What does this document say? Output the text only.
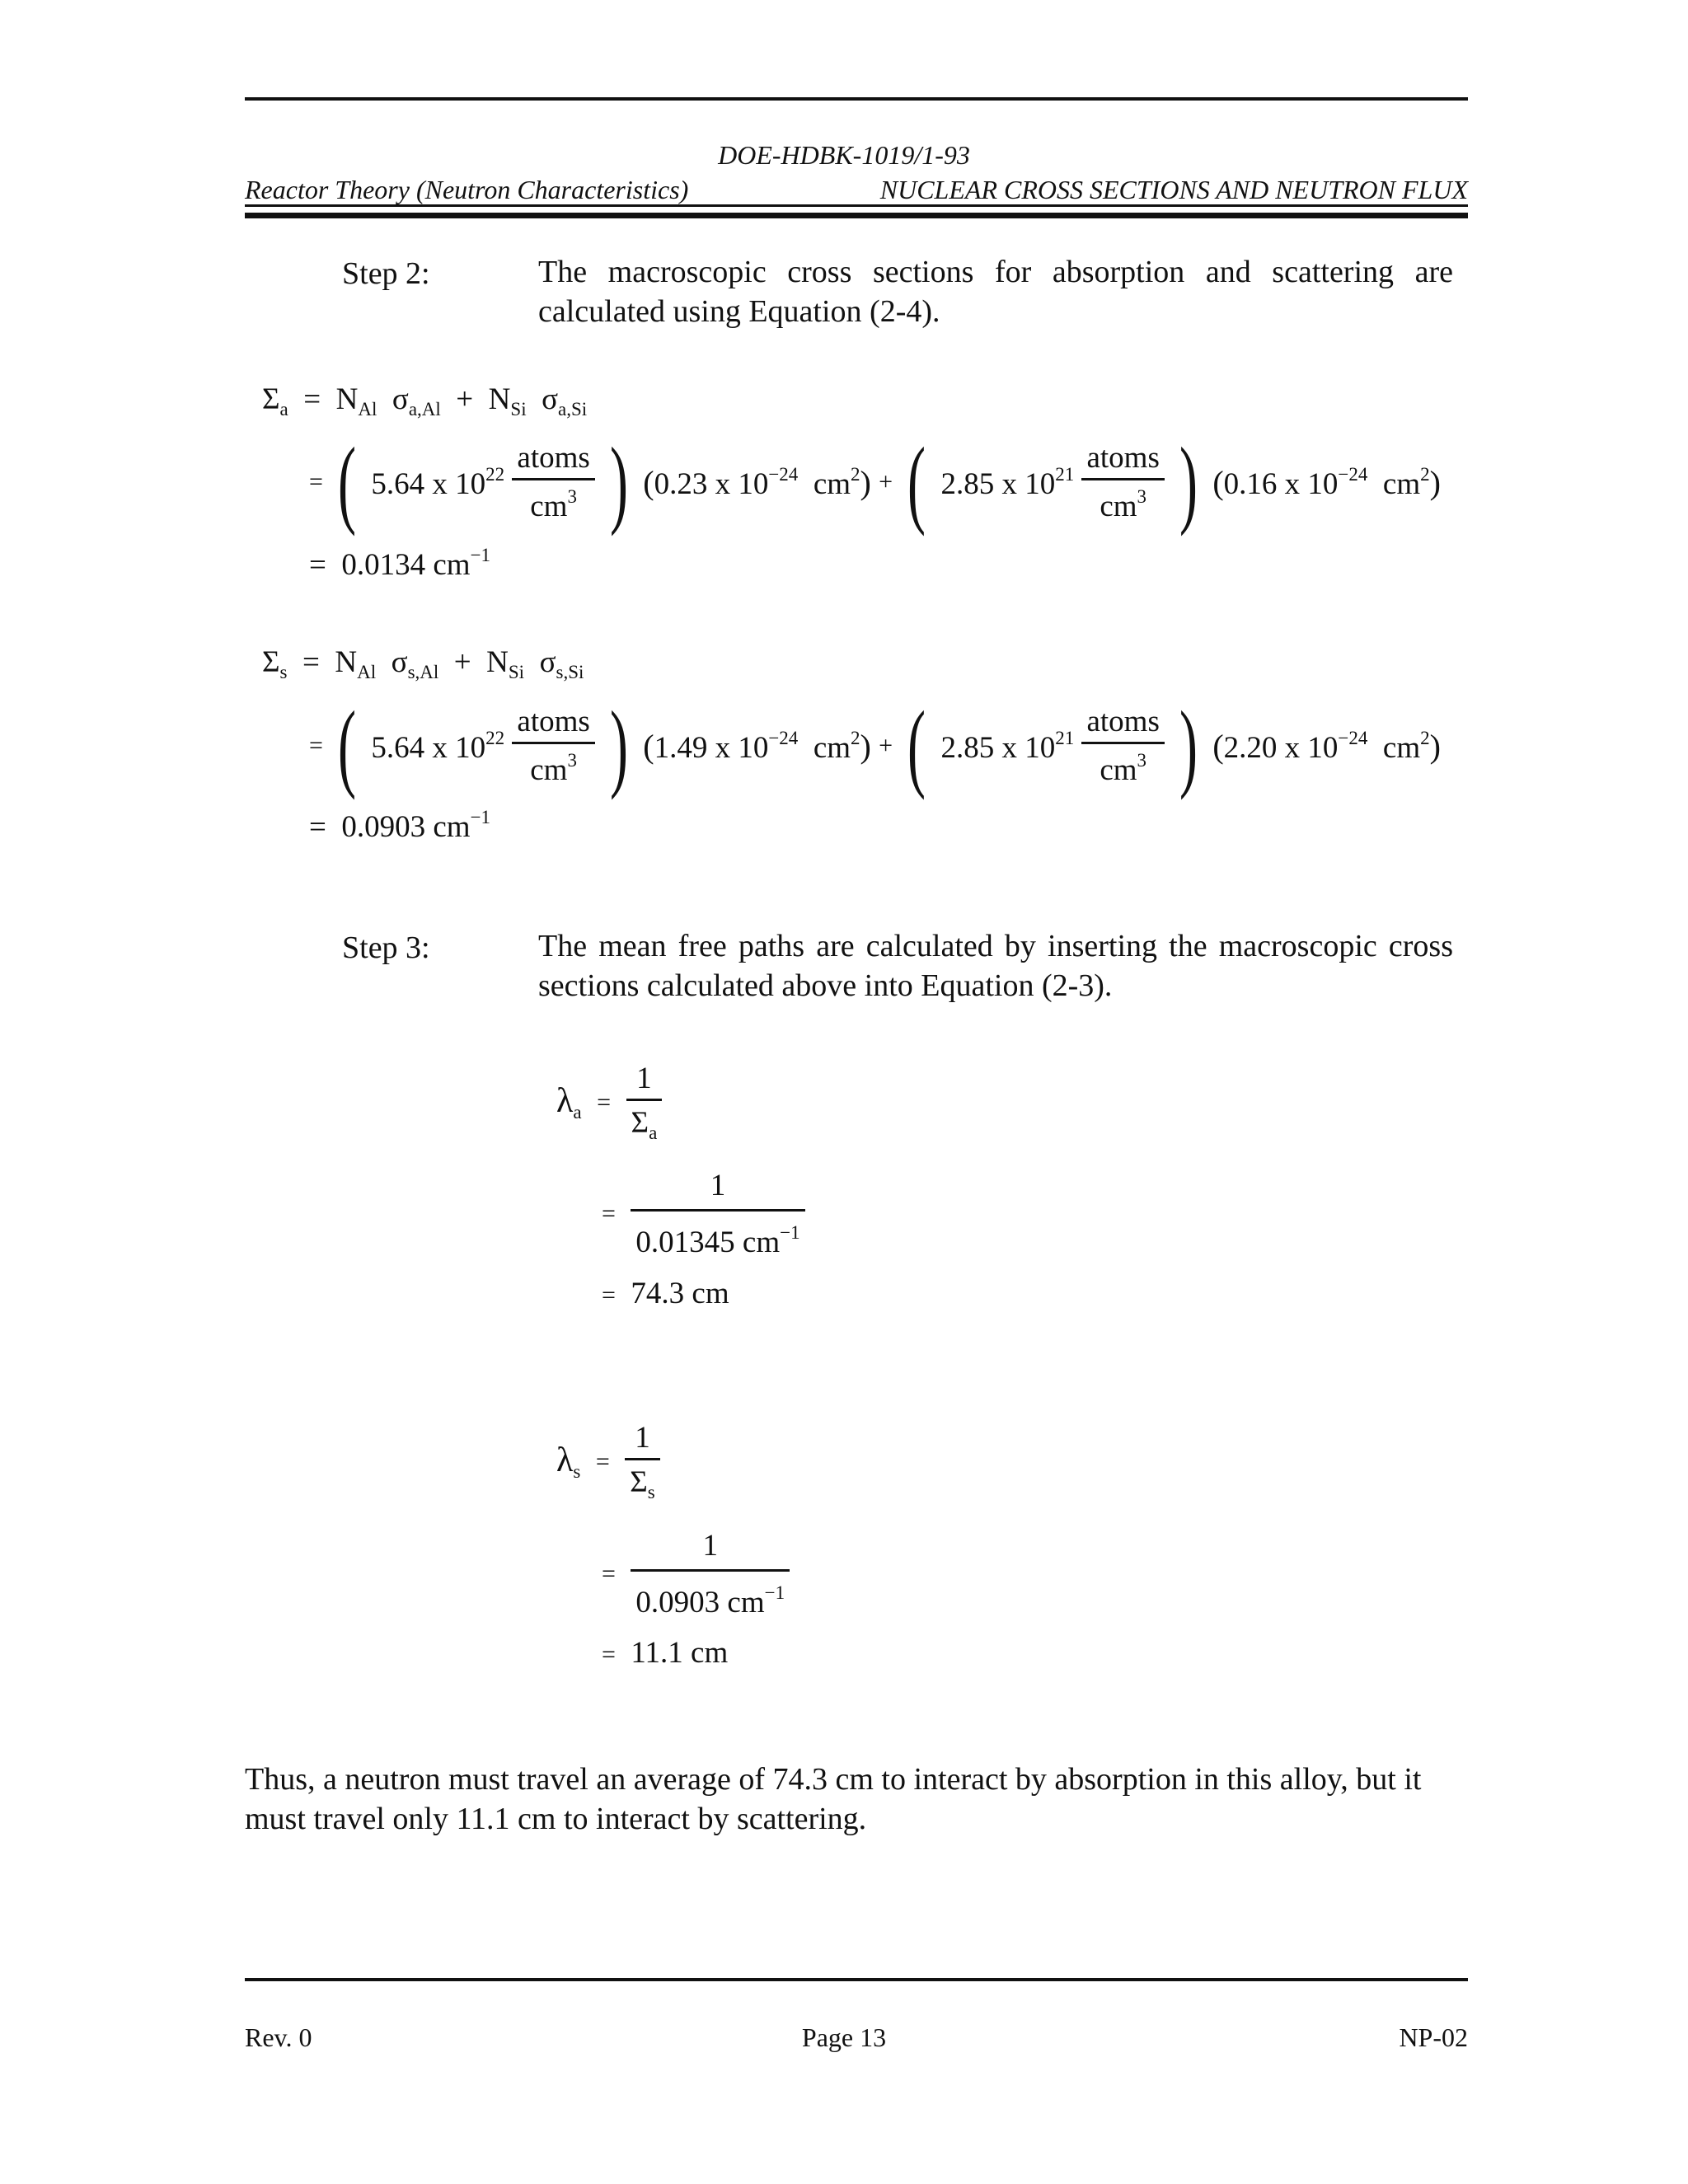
DOE-HDBK-1019/1-93
Reactor Theory (Neutron Characteristics)	NUCLEAR CROSS SECTIONS AND NEUTRON FLUX
Step 2:	The macroscopic cross sections for absorption and scattering are calculated using Equation (2-4).
$\Sigma_a = N_{Al}$ $\sigma_{a,Al} + N_{Si}$ $\sigma_{a,Si}$
= ( 5.64 x $10^{22} \frac{\text{atoms}}{cm^3}$ ) (0.23 x $10^{-24}$ $cm^2$) + ( 2.85 x $10^{21} \frac{\text{atoms}}{cm^3}$ ) (0.16 x $10^{-24}$ $cm^2$)
= 0.0134 $cm^{-1}$
$\Sigma_s = N_{Al}$ $\sigma_{s,Al} + N_{Si}$ $\sigma_{s,Si}$
= ( 5.64 x $10^{22} \frac{\text{atoms}}{cm^3}$ ) (1.49 x $10^{-24}$ $cm^2$) + ( 2.85 x $10^{21} \frac{\text{atoms}}{cm^3}$ ) (2.20 x $10^{-24}$ $cm^2$)
= 0.0903 $cm^{-1}$
Step 3:	The mean free paths are calculated by inserting the macroscopic cross sections calculated above into Equation (2-3).
$\lambda_a = \frac{1}{\Sigma_a}$
= $\frac{1}{0.01345 cm^{-1}}$
= 74.3 cm
$\lambda_s = \frac{1}{\Sigma_s}$
= $\frac{1}{0.0903 cm^{-1}}$
= 11.1 cm
Thus, a neutron must travel an average of 74.3 cm to interact by absorption in this alloy, but it must travel only 11.1 cm to interact by scattering.
Rev. 0	Page 13	NP-02
